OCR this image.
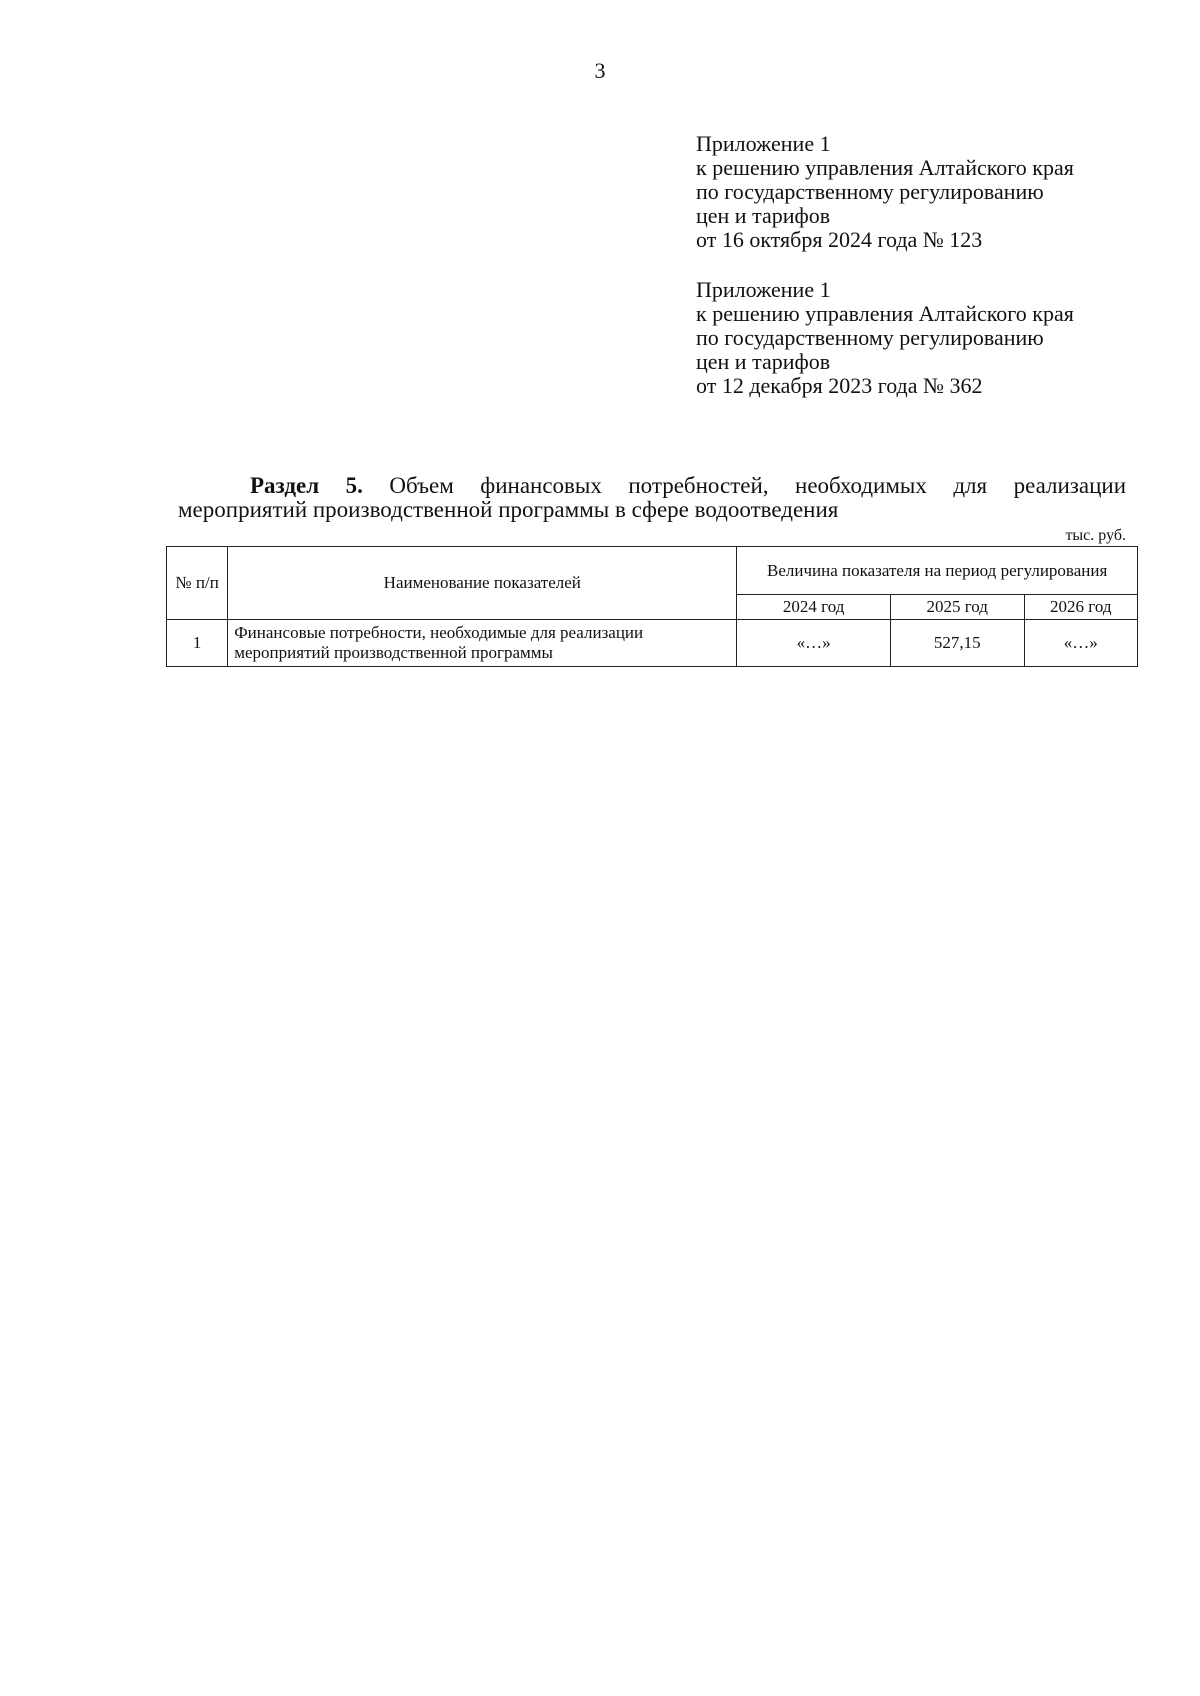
3
Приложение 1
к решению управления Алтайского края
по государственному регулированию
цен и тарифов
от 16 октября 2024 года № 123
Приложение 1
к решению управления Алтайского края
по государственному регулированию
цен и тарифов
от 12 декабря 2023 года № 362
Раздел 5. Объем финансовых потребностей, необходимых для реализации
мероприятий производственной программы в сфере водоотведения
тыс. руб.
№ п/п	Наименование показателей	Величина показателя на период регулирования		
		2024 год	2025 год	2026 год
1	Финансовые потребности, необходимые для реализации мероприятий производственной программы	«…»	527,15	«…»
